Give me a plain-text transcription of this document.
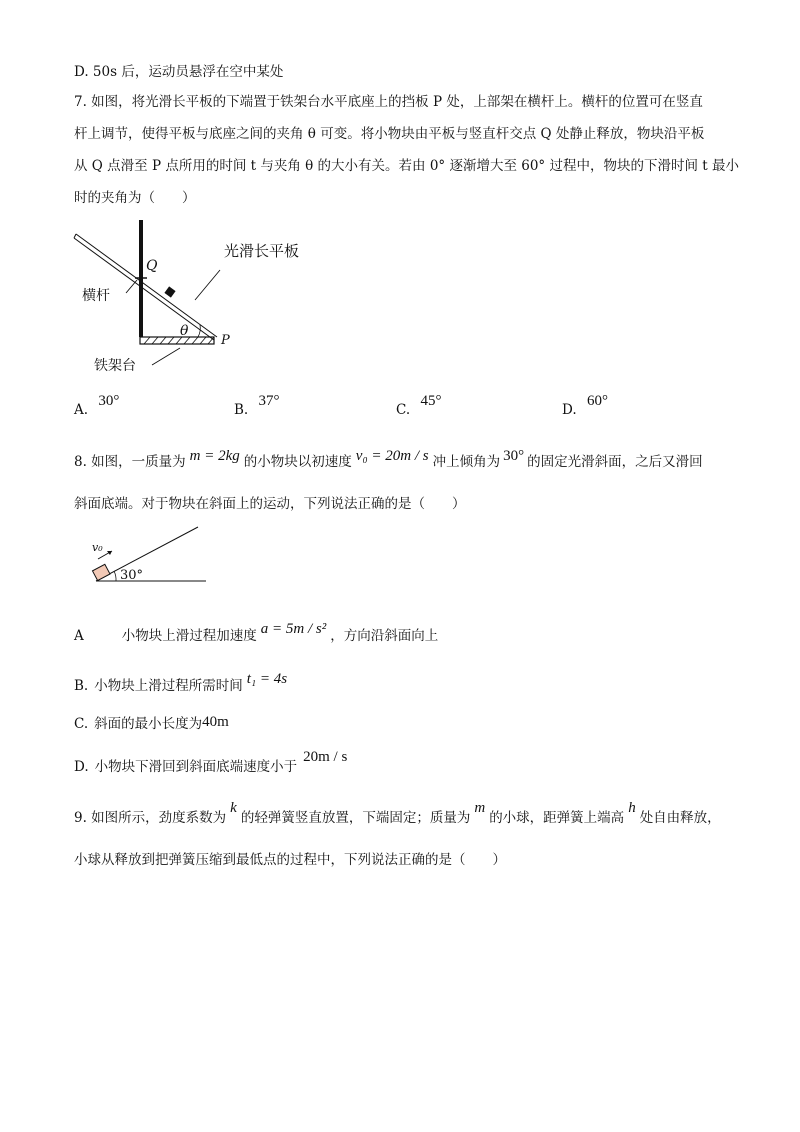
D. 50s 后，运动员悬浮在空中某处
7. 如图，将光滑长平板的下端置于铁架台水平底座上的挡板 P 处，上部架在横杆上。横杆的位置可在竖直
杆上调节，使得平板与底座之间的夹角 θ 可变。将小物块由平板与竖直杆交点 Q 处静止释放，物块沿平板
从 Q 点滑至 P 点所用的时间 t 与夹角 θ 的大小有关。若由 0° 逐渐增大至 60° 过程中，物块的下滑时间 t 最小
时的夹角为（　　）
光滑长平板
横杆
铁架台
Q
P
θ
A. 30°
B. 37°
C. 45°
D. 60°
8. 如图，一质量为 m = 2kg 的小物块以初速度 v₀ = 20m / s 冲上倾角为 30° 的固定光滑斜面，之后又滑回
斜面底端。对于物块在斜面上的运动，下列说法正确的是（　　）
v₀
30°
A	小物块上滑过程加速度 a = 5m / s² ，方向沿斜面向上
B. 小物块上滑过程所需时间 t₁ = 4s
C. 斜面的最小长度为40m
D. 小物块下滑回到斜面底端速度小于20m / s
9. 如图所示，劲度系数为k的轻弹簧竖直放置，下端固定；质量为m的小球，距弹簧上端高h处自由释放，
小球从释放到把弹簧压缩到最低点的过程中，下列说法正确的是（　　）
